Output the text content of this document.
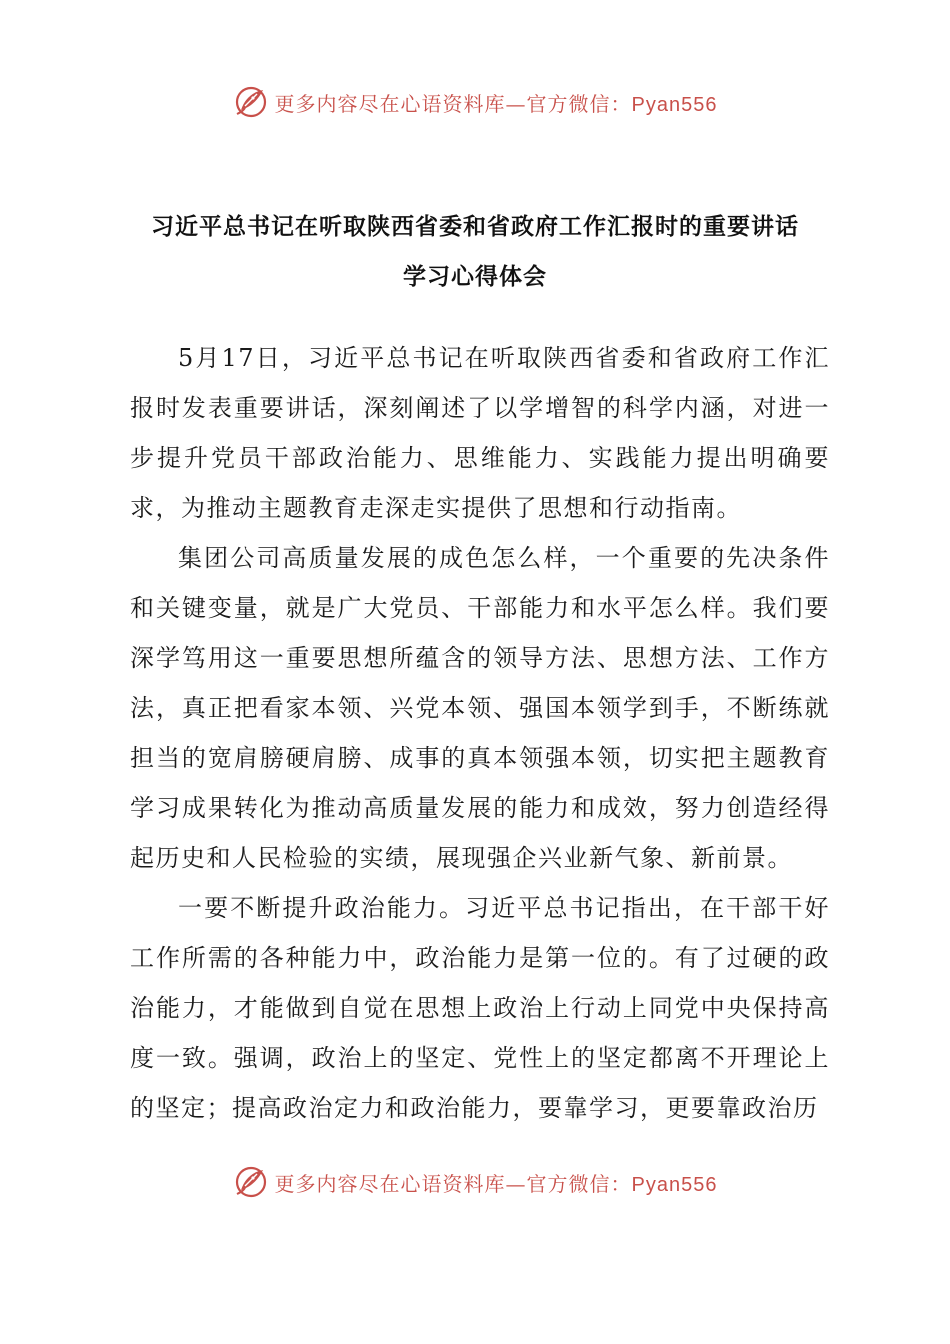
更多内容尽在心语资料库—官方微信：Pyan556
习近平总书记在听取陕西省委和省政府工作汇报时的重要讲话
学习心得体会

5月17日，习近平总书记在听取陕西省委和省政府工作汇报时发表重要讲话，深刻阐述了以学增智的科学内涵，对进一步提升党员干部政治能力、思维能力、实践能力提出明确要求，为推动主题教育走深走实提供了思想和行动指南。

集团公司高质量发展的成色怎么样，一个重要的先决条件和关键变量，就是广大党员、干部能力和水平怎么样。我们要深学笃用这一重要思想所蕴含的领导方法、思想方法、工作方法，真正把看家本领、兴党本领、强国本领学到手，不断练就担当的宽肩膀硬肩膀、成事的真本领强本领，切实把主题教育学习成果转化为推动高质量发展的能力和成效，努力创造经得起历史和人民检验的实绩，展现强企兴业新气象、新前景。

一要不断提升政治能力。习近平总书记指出，在干部干好工作所需的各种能力中，政治能力是第一位的。有了过硬的政治能力，才能做到自觉在思想上政治上行动上同党中央保持高度一致。强调，政治上的坚定、党性上的坚定都离不开理论上的坚定；提高政治定力和政治能力，要靠学习，更要靠政治历

更多内容尽在心语资料库—官方微信：Pyan556
